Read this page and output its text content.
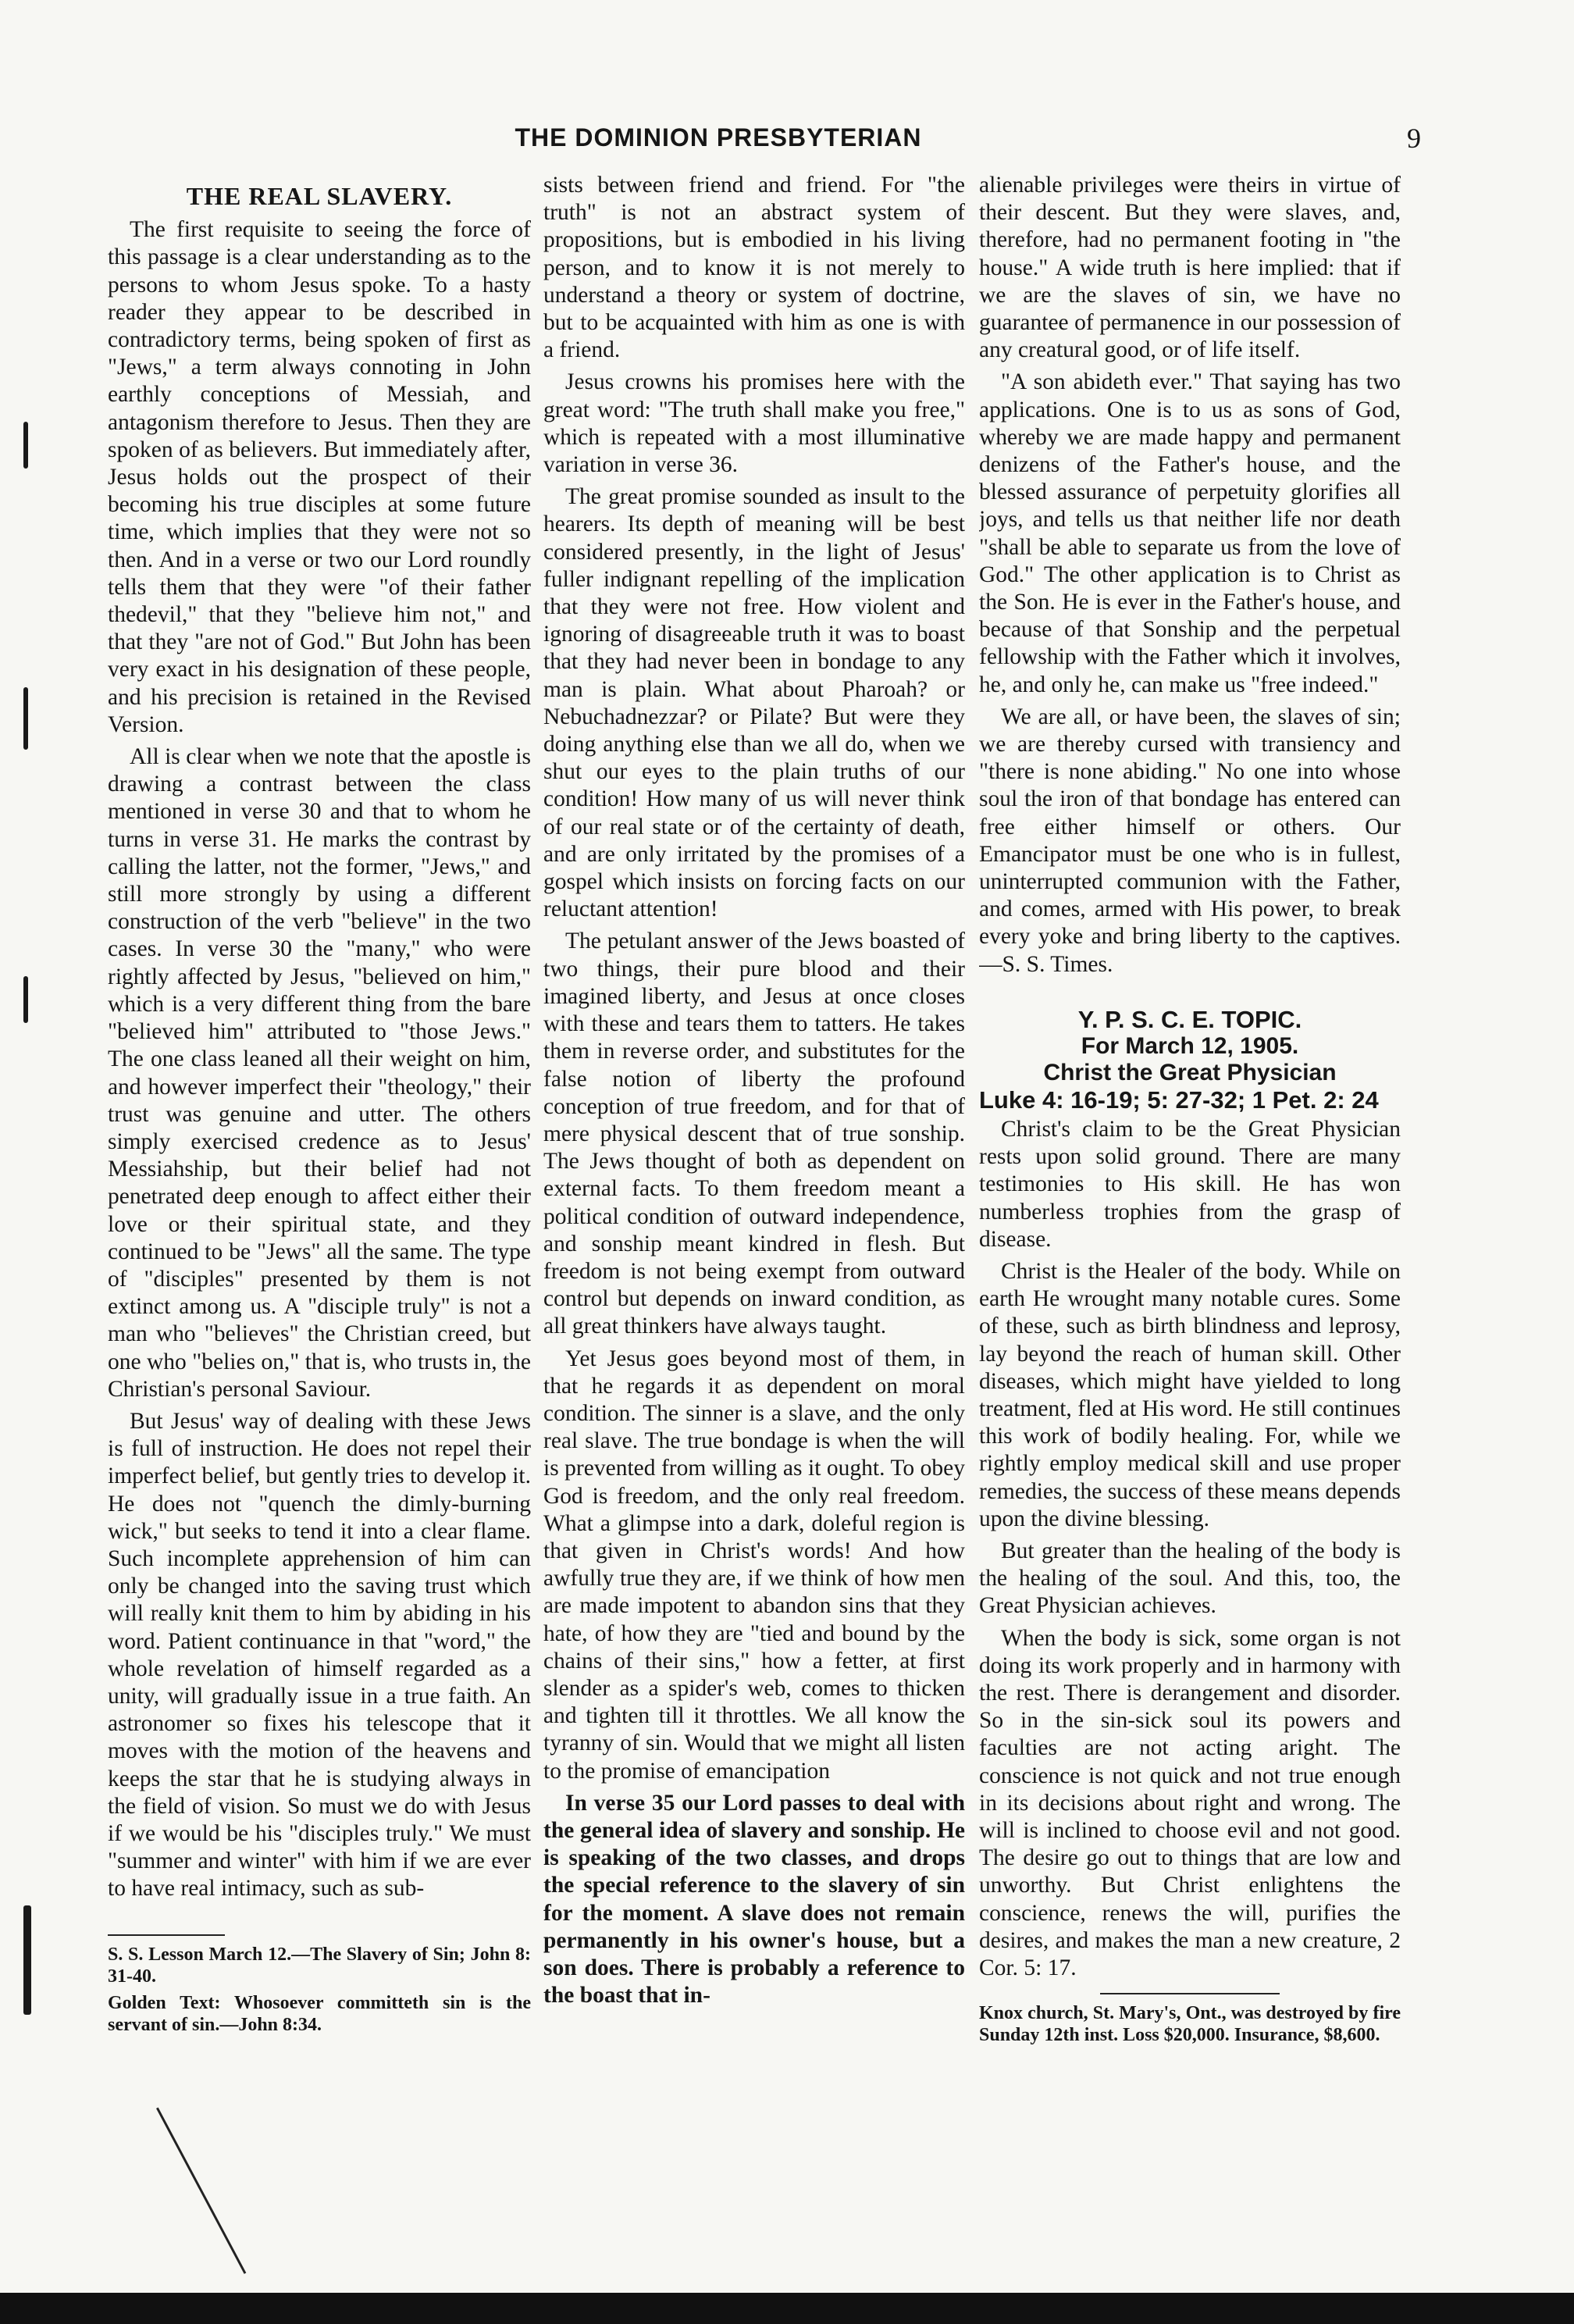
THE DOMINION PRESBYTERIAN	9
THE REAL SLAVERY.

The first requisite to seeing the force of this passage is a clear understanding as to the persons to whom Jesus spoke. To a hasty reader they appear to be described in contradictory terms, being spoken of first as "Jews," a term always connoting in John earthly conceptions of Messiah, and antagonism therefore to Jesus. Then they are spoken of as believers. But immediately after, Jesus holds out the prospect of their becoming his true disciples at some future time, which implies that they were not so then. And in a verse or two our Lord roundly tells them that they were "of their father thedevil," that they "believe him not," and that they "are not of God." But John has been very exact in his designation of these people, and his precision is retained in the Revised Version.

All is clear when we note that the apostle is drawing a contrast between the class mentioned in verse 30 and that to whom he turns in verse 31. He marks the contrast by calling the latter, not the former, "Jews," and still more strongly by using a different construction of the verb "believe" in the two cases. In verse 30 the "many," who were rightly affected by Jesus, "believed on him," which is a very different thing from the bare "believed him" attributed to "those Jews." The one class leaned all their weight on him, and however imperfect their "theology," their trust was genuine and utter. The others simply exercised credence as to Jesus' Messiahship, but their belief had not penetrated deep enough to affect either their love or their spiritual state, and they continued to be "Jews" all the same. The type of "disciples" presented by them is not extinct among us. A "disciple truly" is not a man who "believes" the Christian creed, but one who "belies on," that is, who trusts in, the Christian's personal Saviour.

But Jesus' way of dealing with these Jews is full of instruction. He does not repel their imperfect belief, but gently tries to develop it. He does not "quench the dimly-burning wick," but seeks to tend it into a clear flame. Such incomplete apprehension of him can only be changed into the saving trust which will really knit them to him by abiding in his word. Patient continuance in that "word," the whole revelation of himself regarded as a unity, will gradually issue in a true faith. An astronomer so fixes his telescope that it moves with the motion of the heavens and keeps the star that he is studying always in the field of vision. So must we do with Jesus if we would be his "disciples truly." We must "summer and winter" with him if we are ever to have real intimacy, such as sub-

S. S. Lesson March 12.—The Slavery of Sin; John 8: 31-40.

Golden Text: Whosoever committeth sin is the servant of sin.—John 8:34.

sists between friend and friend. For "the truth" is not an abstract system of propositions, but is embodied in his living person, and to know it is not merely to understand a theory or system of doctrine, but to be acquainted with him as one is with a friend.

Jesus crowns his promises here with the great word: "The truth shall make you free," which is repeated with a most illuminative variation in verse 36.

The great promise sounded as insult to the hearers. Its depth of meaning will be best considered presently, in the light of Jesus' fuller indignant repelling of the implication that they were not free. How violent and ignoring of disagreeable truth it was to boast that they had never been in bondage to any man is plain. What about Pharoah? or Nebuchadnezzar? or Pilate? But were they doing anything else than we all do, when we shut our eyes to the plain truths of our condition! How many of us will never think of our real state or of the certainty of death, and are only irritated by the promises of a gospel which insists on forcing facts on our reluctant attention!

The petulant answer of the Jews boasted of two things, their pure blood and their imagined liberty, and Jesus at once closes with these and tears them to tatters. He takes them in reverse order, and substitutes for the false notion of liberty the profound conception of true freedom, and for that of mere physical descent that of true sonship. The Jews thought of both as dependent on external facts. To them freedom meant a political condition of outward independence, and sonship meant kindred in flesh. But freedom is not being exempt from outward control but depends on inward condition, as all great thinkers have always taught.

Yet Jesus goes beyond most of them, in that he regards it as dependent on moral condition. The sinner is a slave, and the only real slave. The true bondage is when the will is prevented from willing as it ought. To obey God is freedom, and the only real freedom. What a glimpse into a dark, doleful region is that given in Christ's words! And how awfully true they are, if we think of how men are made impotent to abandon sins that they hate, of how they are "tied and bound by the chains of their sins," how a fetter, at first slender as a spider's web, comes to thicken and tighten till it throttles. We all know the tyranny of sin. Would that we might all listen to the promise of emancipation

In verse 35 our Lord passes to deal with the general idea of slavery and sonship. He is speaking of the two classes, and drops the special reference to the slavery of sin for the moment. A slave does not remain permanently in his owner's house, but a son does. There is probably a reference to the boast that in-

alienable privileges were theirs in virtue of their descent. But they were slaves, and, therefore, had no permanent footing in "the house." A wide truth is here implied: that if we are the slaves of sin, we have no guarantee of permanence in our possession of any creatural good, or of life itself.

"A son abideth ever." That saying has two applications. One is to us as sons of God, whereby we are made happy and permanent denizens of the Father's house, and the blessed assurance of perpetuity glorifies all joys, and tells us that neither life nor death "shall be able to separate us from the love of God." The other application is to Christ as the Son. He is ever in the Father's house, and because of that Sonship and the perpetual fellowship with the Father which it involves, he, and only he, can make us "free indeed."

We are all, or have been, the slaves of sin; we are thereby cursed with transiency and "there is none abiding." No one into whose soul the iron of that bondage has entered can free either himself or others. Our Emancipator must be one who is in fullest, uninterrupted communion with the Father, and comes, armed with His power, to break every yoke and bring liberty to the captives.—S. S. Times.

Y. P. S. C. E. TOPIC.
For March 12, 1905.
Christ the Great Physician
Luke 4: 16-19; 5: 27-32; 1 Pet. 2: 24

Christ's claim to be the Great Physician rests upon solid ground. There are many testimonies to His skill. He has won numberless trophies from the grasp of disease.

Christ is the Healer of the body. While on earth He wrought many notable cures. Some of these, such as birth blindness and leprosy, lay beyond the reach of human skill. Other diseases, which might have yielded to long treatment, fled at His word. He still continues this work of bodily healing. For, while we rightly employ medical skill and use proper remedies, the success of these means depends upon the divine blessing.

But greater than the healing of the body is the healing of the soul. And this, too, the Great Physician achieves.

When the body is sick, some organ is not doing its work properly and in harmony with the rest. There is derangement and disorder. So in the sin-sick soul its powers and faculties are not acting aright. The conscience is not quick and not true enough in its decisions about right and wrong. The will is inclined to choose evil and not good. The desire go out to things that are low and unworthy. But Christ enlightens the conscience, renews the will, purifies the desires, and makes the man a new creature, 2 Cor. 5: 17.

Knox church, St. Mary's, Ont., was destroyed by fire Sunday 12th inst. Loss $20,000. Insurance, $8,600.
